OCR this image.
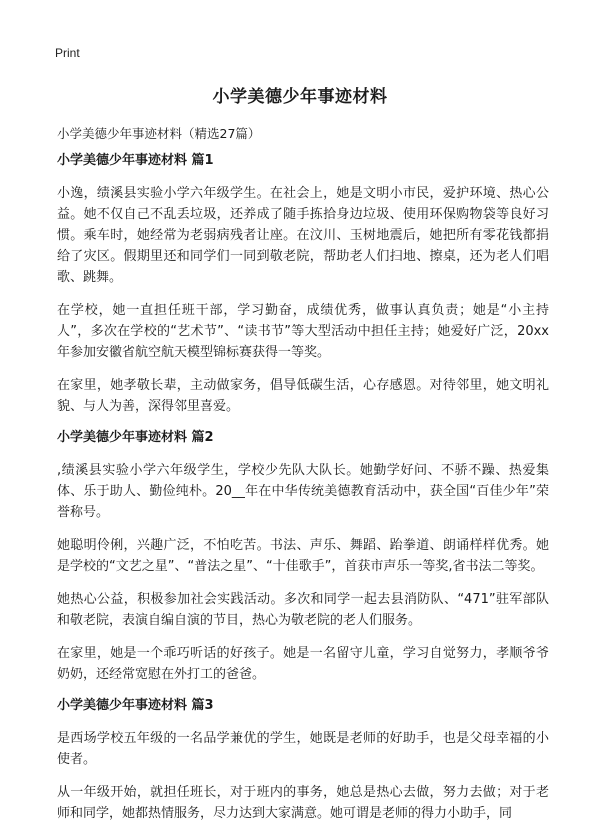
Print
小学美德少年事迹材料
小学美德少年事迹材料（精选27篇）
小学美德少年事迹材料 篇1

小逸，绩溪县实验小学六年级学生。在社会上，她是文明小市民，爱护环境、热心公益。她不仅自己不乱丢垃圾，还养成了随手拣拾身边垃圾、使用环保购物袋等良好习惯。乘车时，她经常为老弱病残者让座。在汶川、玉树地震后，她把所有零花钱都捐给了灾区。假期里还和同学们一同到敬老院，帮助老人们扫地、擦桌，还为老人们唱歌、跳舞。

在学校，她一直担任班干部，学习勤奋，成绩优秀，做事认真负责；她是“小主持人”，多次在学校的“艺术节”、“读书节”等大型活动中担任主持；她爱好广泛，20xx年参加安徽省航空航天模型锦标赛获得一等奖。

在家里，她孝敬长辈，主动做家务，倡导低碳生活，心存感恩。对待邻里，她文明礼貌、与人为善，深得邻里喜爱。

小学美德少年事迹材料 篇2

,绩溪县实验小学六年级学生，学校少先队大队长。她勤学好问、不骄不躁、热爱集体、乐于助人、勤俭纯朴。20__年在中华传统美德教育活动中，获全国“百佳少年”荣誉称号。

她聪明伶俐，兴趣广泛，不怕吃苦。书法、声乐、舞蹈、跆拳道、朗诵样样优秀。她是学校的“文艺之星”、“普法之星”、“十佳歌手”，首获市声乐一等奖,省书法二等奖。

她热心公益，积极参加社会实践活动。多次和同学一起去县消防队、“471”驻军部队和敬老院，表演自编自演的节目，热心为敬老院的老人们服务。

在家里，她是一个乖巧听话的好孩子。她是一名留守儿童，学习自觉努力，孝顺爷爷奶奶，还经常宽慰在外打工的爸爸。

小学美德少年事迹材料 篇3

是西场学校五年级的一名品学兼优的学生，她既是老师的好助手，也是父母幸福的小使者。

从一年级开始，就担任班长，对于班内的事务，她总是热心去做，努力去做；对于老师和同学，她都热情服务，尽力达到大家满意。她可谓是老师的得力小助手，同
